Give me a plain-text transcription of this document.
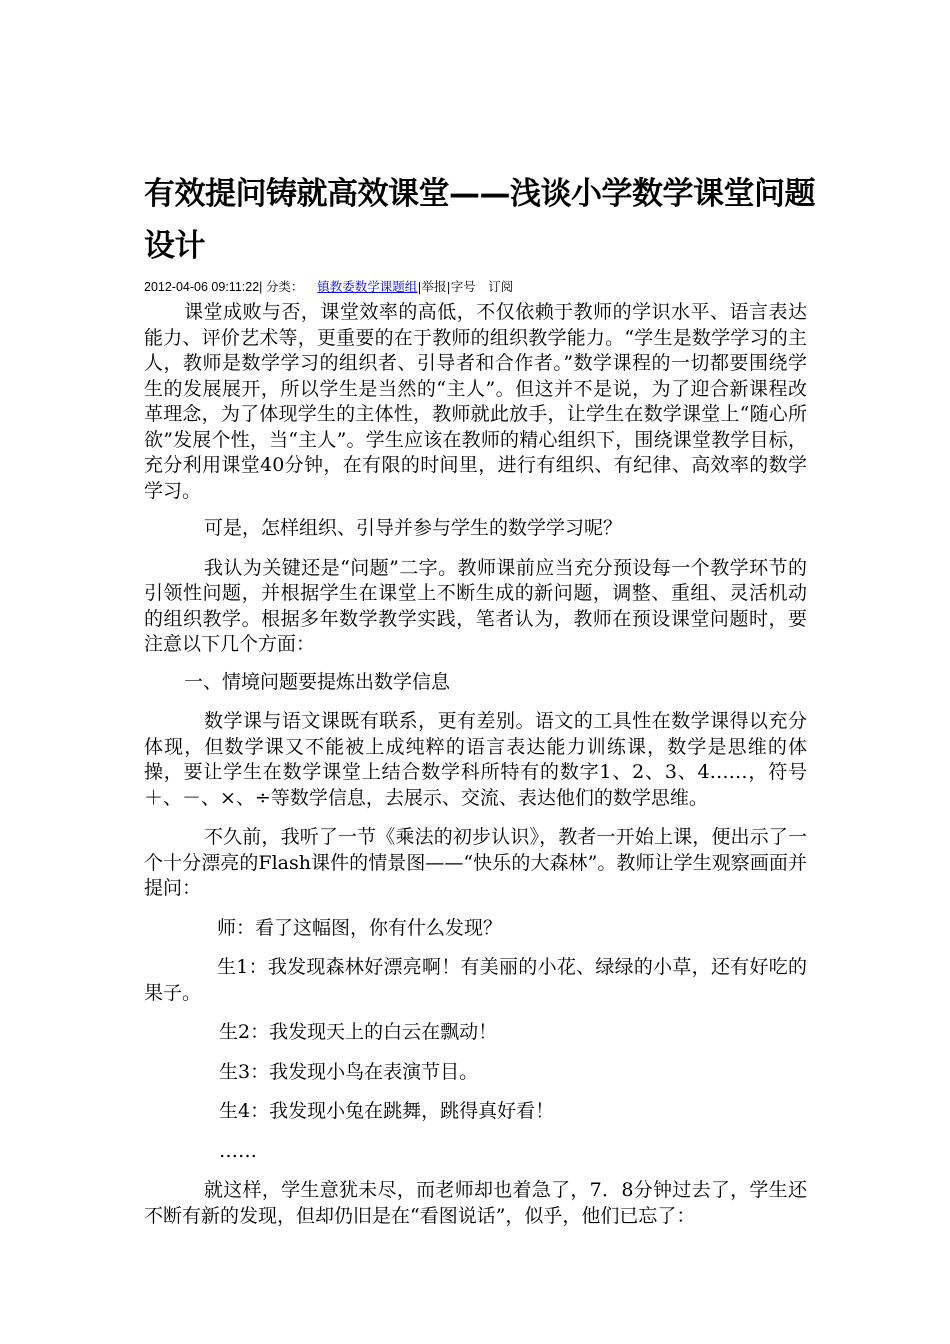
有效提问铸就高效课堂——浅谈小学数学课堂问题设计
2012-04-06 09:11:22| 分类： 镇教委数学课题组|举报|字号　订阅

课堂成败与否，课堂效率的高低，不仅依赖于教师的学识水平、语言表达能力、评价艺术等，更重要的在于教师的组织教学能力。“学生是数学学习的主人，教师是数学学习的组织者、引导者和合作者。”数学课程的一切都要围绕学生的发展展开，所以学生是当然的“主人”。但这并不是说，为了迎合新课程改革理念，为了体现学生的主体性，教师就此放手，让学生在数学课堂上“随心所欲”发展个性，当“主人”。学生应该在教师的精心组织下，围绕课堂教学目标，充分利用课堂40分钟，在有限的时间里，进行有组织、有纪律、高效率的数学学习。

可是，怎样组织、引导并参与学生的数学学习呢？

我认为关键还是“问题”二字。教师课前应当充分预设每一个教学环节的引领性问题，并根据学生在课堂上不断生成的新问题，调整、重组、灵活机动的组织教学。根据多年数学教学实践，笔者认为，教师在预设课堂问题时，要注意以下几个方面：

一、情境问题要提炼出数学信息

数学课与语文课既有联系，更有差别。语文的工具性在数学课得以充分体现，但数学课又不能被上成纯粹的语言表达能力训练课，数学是思维的体操，要让学生在数学课堂上结合数学科所特有的数字1、2、3、4……，符号＋、－、×、÷等数学信息，去展示、交流、表达他们的数学思维。

不久前，我听了一节《乘法的初步认识》，教者一开始上课，便出示了一个十分漂亮的Flash课件的情景图——“快乐的大森林”。教师让学生观察画面并提问：

师：看了这幅图，你有什么发现？

生1：我发现森林好漂亮啊！有美丽的小花、绿绿的小草，还有好吃的果子。

生2：我发现天上的白云在飘动！

生3：我发现小鸟在表演节目。

生4：我发现小兔在跳舞，跳得真好看！

……

就这样，学生意犹未尽，而老师却也着急了，7．8分钟过去了，学生还不断有新的发现，但却仍旧是在“看图说话”，似乎，他们已忘了：
